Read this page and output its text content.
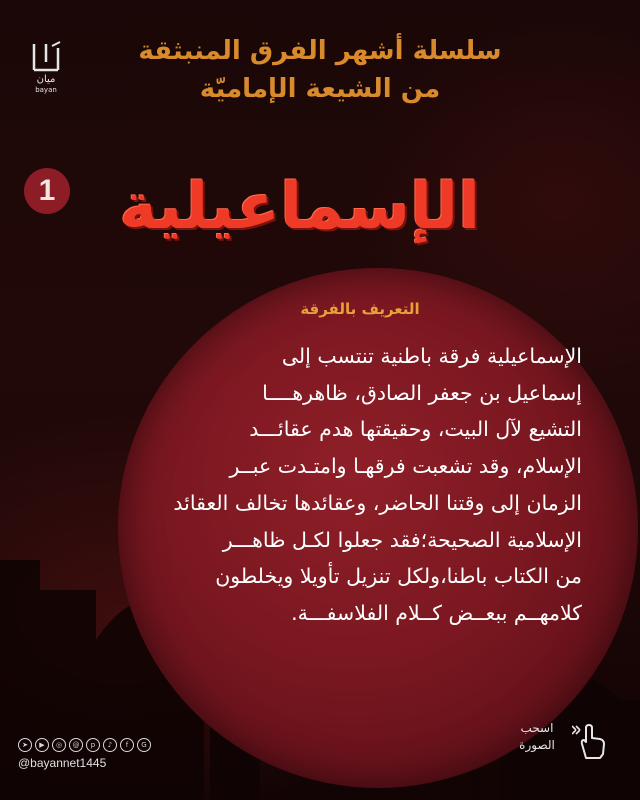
سلسلة أشهر الفرق المنبثقة
من الشيعة الإماميّة
ميان
bayan
1 الإسماعيلية
التعريف بالفرقة
الإسماعيلية فرقة باطنية تنتسب إلى
إسماعيل بن جعفر الصادق، ظاهرهــــا
التشيع لآل البيت، وحقيقتها هدم عقائـــد
الإسلام، وقد تشعبت فرقهـا وامتـدت عبــر
الزمان إلى وقتنا الحاضر، وعقائدها تخالف العقائد
الإسلامية الصحيحة؛فقد جعلوا لكـل ظاهـــر
من الكتاب باطنا،ولكل تنزيل تأويلا ويخلطون
كلامهــم ببعــض كــلام الفلاسفـــة.
اسحب
الصورة
➤	▶	◎	@	p	♪	f	G
@bayannet1445
